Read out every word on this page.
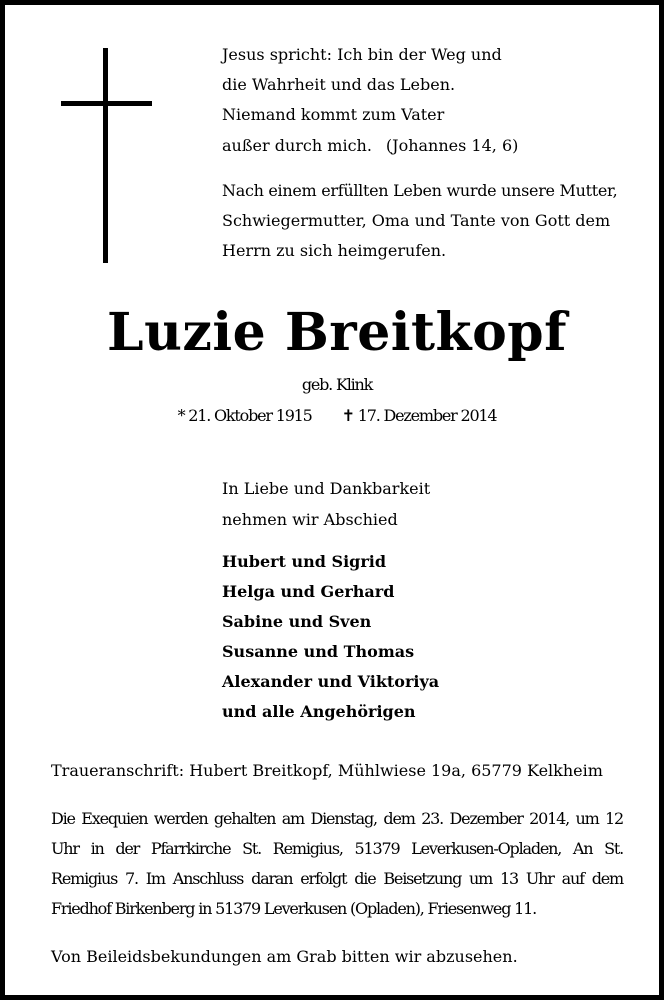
Jesus spricht: Ich bin der Weg und
die Wahrheit und das Leben.
Niemand kommt zum Vater
außer durch mich. (Johannes 14, 6)
Nach einem erfüllten Leben wurde unsere Mutter,
Schwiegermutter, Oma und Tante von Gott dem
Herrn zu sich heimgerufen.
Luzie Breitkopf
geb. Klink
* 21. Oktober 1915 ✝ 17. Dezember 2014
In Liebe und Dankbarkeit
nehmen wir Abschied
Hubert und Sigrid
Helga und Gerhard
Sabine und Sven
Susanne und Thomas
Alexander und Viktoriya
und alle Angehörigen
Traueranschrift: Hubert Breitkopf, Mühlwiese 19a, 65779 Kelkheim
Die Exequien werden gehalten am Dienstag, dem 23. Dezember 2014, um 12
Uhr in der Pfarrkirche St. Remigius, 51379 Leverkusen-Opladen, An St.
Remigius 7. Im Anschluss daran erfolgt die Beisetzung um 13 Uhr auf dem
Friedhof Birkenberg in 51379 Leverkusen (Opladen), Friesenweg 11.
Von Beileidsbekundungen am Grab bitten wir abzusehen.
